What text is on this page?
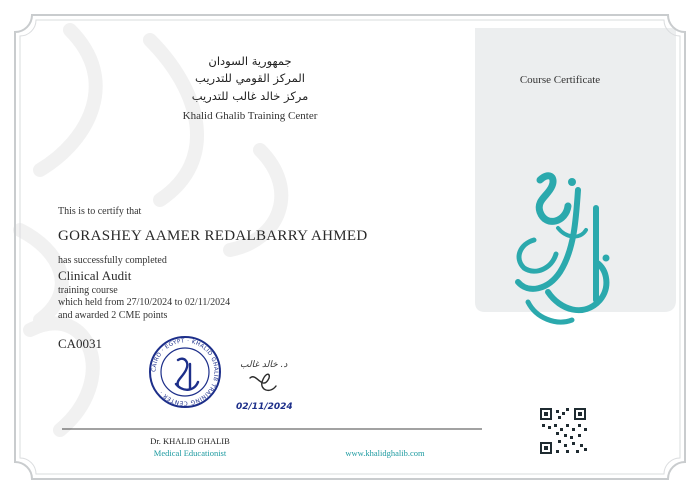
CAIRO · EGYPT · KHALID GHALIB TRAINING CENTER ·
جمهورية السودان
المركز القومي للتدريب
مركز خالد غالب للتدريب
Khalid Ghalib Training Center
Course Certificate
This is to certify that
GORASHEY AAMER REDALBARRY AHMED
has successfully completed
Clinical Audit
training course
which held from 27/10/2024 to 02/11/2024
and awarded 2 CME points
CA0031
02/11/2024
د. خالد غالب
Dr. KHALID GHALIB
Medical Educationist	www.khalidghalib.com
